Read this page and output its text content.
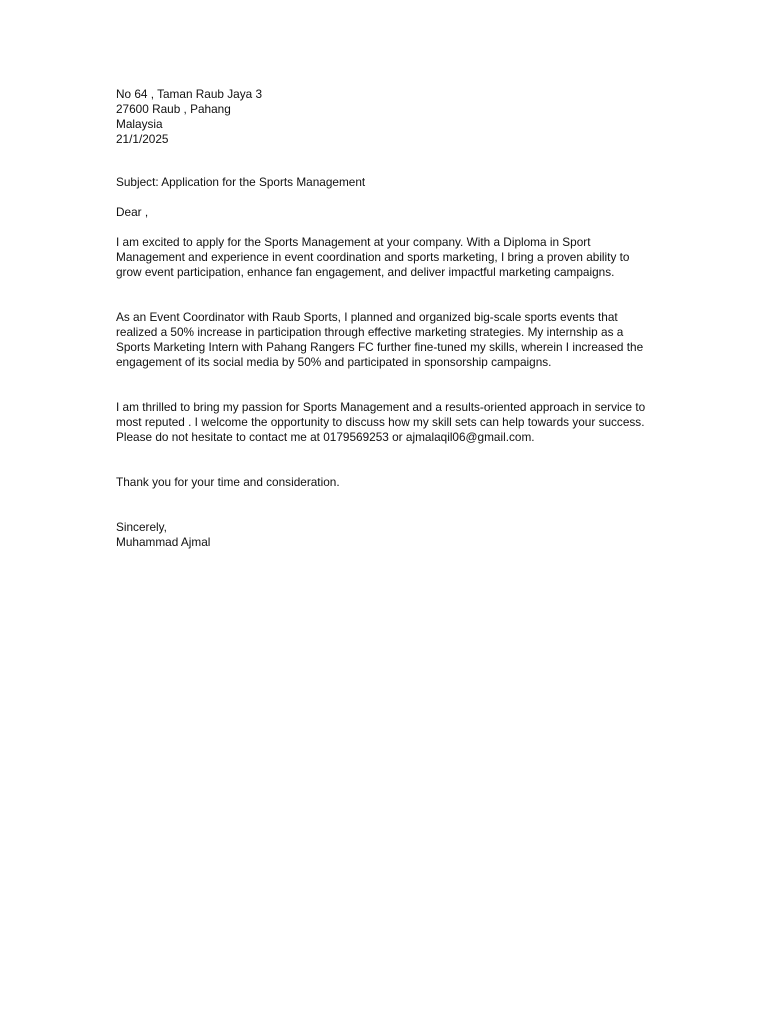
No 64 , Taman Raub Jaya 3

27600 Raub , Pahang

Malaysia

21/1/2025

Subject: Application for the Sports Management

Dear ,

I am excited to apply for the Sports Management at your company. With a Diploma in Sport Management and experience in event coordination and sports marketing, I bring a proven ability to grow event participation, enhance fan engagement, and deliver impactful marketing campaigns.

As an Event Coordinator with Raub Sports, I planned and organized big-scale sports events that realized a 50% increase in participation through effective marketing strategies. My internship as a Sports Marketing Intern with Pahang Rangers FC further fine-tuned my skills, wherein I increased the engagement of its social media by 50% and participated in sponsorship campaigns.

I am thrilled to bring my passion for Sports Management and a results-oriented approach in service to most reputed . I welcome the opportunity to discuss how my skill sets can help towards your success. Please do not hesitate to contact me at 0179569253 or ajmalaqil06@gmail.com.

Thank you for your time and consideration.

Sincerely,

Muhammad Ajmal
